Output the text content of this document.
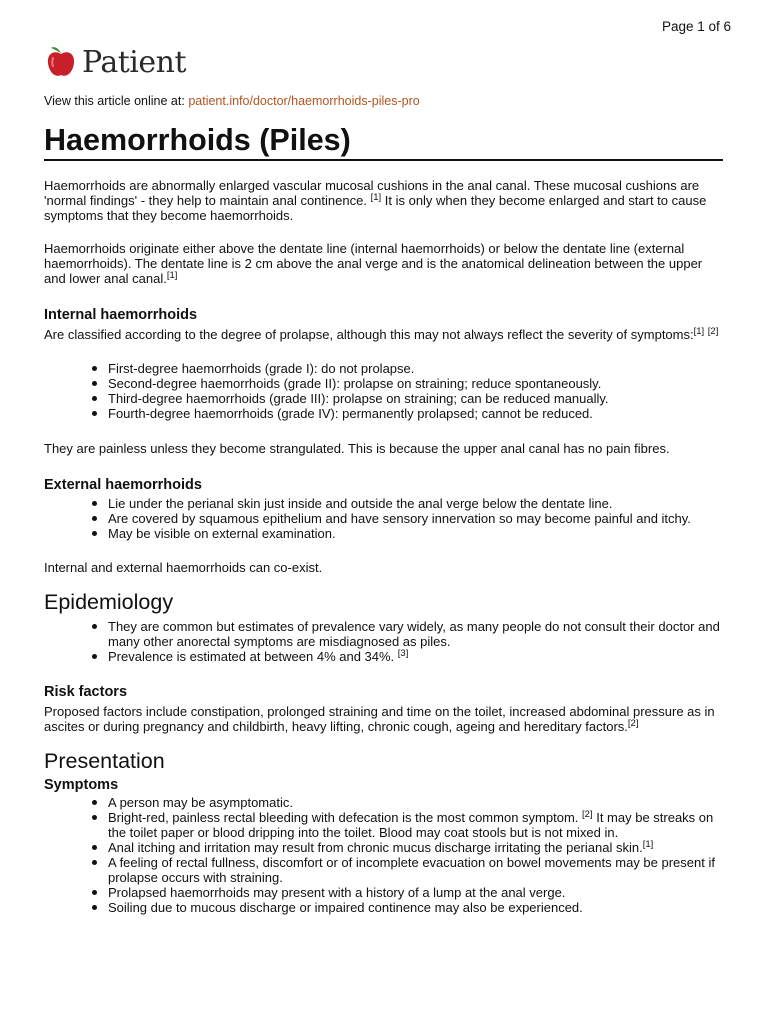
Page 1 of 6
Patient
View this article online at: patient.info/doctor/haemorrhoids-piles-pro
Haemorrhoids (Piles)

Haemorrhoids are abnormally enlarged vascular mucosal cushions in the anal canal. These mucosal cushions are 'normal findings' - they help to maintain anal continence. [1] It is only when they become enlarged and start to cause symptoms that they become haemorrhoids.

Haemorrhoids originate either above the dentate line (internal haemorrhoids) or below the dentate line (external haemorrhoids). The dentate line is 2 cm above the anal verge and is the anatomical delineation between the upper and lower anal canal.[1]

Internal haemorrhoids

Are classified according to the degree of prolapse, although this may not always reflect the severity of symptoms:[1] [2]

First-degree haemorrhoids (grade I): do not prolapse.
Second-degree haemorrhoids (grade II): prolapse on straining; reduce spontaneously.
Third-degree haemorrhoids (grade III): prolapse on straining; can be reduced manually.
Fourth-degree haemorrhoids (grade IV): permanently prolapsed; cannot be reduced.

They are painless unless they become strangulated. This is because the upper anal canal has no pain fibres.

External haemorrhoids
Lie under the perianal skin just inside and outside the anal verge below the dentate line.
Are covered by squamous epithelium and have sensory innervation so may become painful and itchy.
May be visible on external examination.

Internal and external haemorrhoids can co-exist.

Epidemiology
They are common but estimates of prevalence vary widely, as many people do not consult their doctor and many other anorectal symptoms are misdiagnosed as piles.
Prevalence is estimated at between 4% and 34%. [3]
Risk factors

Proposed factors include constipation, prolonged straining and time on the toilet, increased abdominal pressure as in ascites or during pregnancy and childbirth, heavy lifting, chronic cough, ageing and hereditary factors.[2]

Presentation
Symptoms
A person may be asymptomatic.
Bright-red, painless rectal bleeding with defecation is the most common symptom. [2] It may be streaks on the toilet paper or blood dripping into the toilet. Blood may coat stools but is not mixed in.
Anal itching and irritation may result from chronic mucus discharge irritating the perianal skin.[1]
A feeling of rectal fullness, discomfort or of incomplete evacuation on bowel movements may be present if prolapse occurs with straining.
Prolapsed haemorrhoids may present with a history of a lump at the anal verge.
Soiling due to mucous discharge or impaired continence may also be experienced.
